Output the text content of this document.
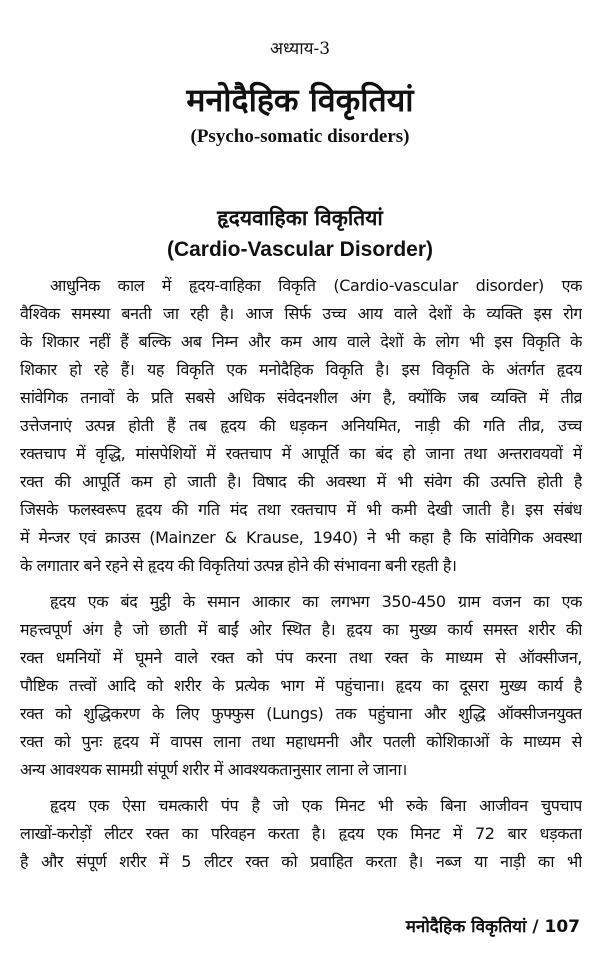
अध्याय-3
मनोदैहिक विकृतियां
(Psycho-somatic disorders)
हृदयवाहिका विकृतियां
(Cardio-Vascular Disorder)
आधुनिक काल में हृदय-वाहिका विकृति (Cardio-vascular disorder) एक
वैश्विक समस्या बनती जा रही है। आज सिर्फ उच्च आय वाले देशों के व्यक्ति इस रोग
के शिकार नहीं हैं बल्कि अब निम्न और कम आय वाले देशों के लोग भी इस विकृति के
शिकार हो रहे हैं। यह विकृति एक मनोदैहिक विकृति है। इस विकृति के अंतर्गत हृदय
सांवेगिक तनावों के प्रति सबसे अधिक संवेदनशील अंग है, क्योंकि जब व्यक्ति में तीव्र
उत्तेजनाएं उत्पन्न होती हैं तब हृदय की धड़कन अनियमित, नाड़ी की गति तीव्र, उच्च
रक्तचाप में वृद्धि, मांसपेशियों में रक्तचाप में आपूर्ति का बंद हो जाना तथा अन्तरावयवों में
रक्त की आपूर्ति कम हो जाती है। विषाद की अवस्था में भी संवेग की उत्पत्ति होती है
जिसके फलस्वरूप हृदय की गति मंद तथा रक्तचाप में भी कमी देखी जाती है। इस संबंध
में मेन्जर एवं क्राउस (Mainzer & Krause, 1940) ने भी कहा है कि सांवेगिक अवस्था
के लगातार बने रहने से हृदय की विकृतियां उत्पन्न होने की संभावना बनी रहती है।
हृदय एक बंद मुट्ठी के समान आकार का लगभग 350-450 ग्राम वजन का एक
महत्त्वपूर्ण अंग है जो छाती में बाईं ओर स्थित है। हृदय का मुख्य कार्य समस्त शरीर की
रक्त धमनियों में घूमने वाले रक्त को पंप करना तथा रक्त के माध्यम से ऑक्सीजन,
पौष्टिक तत्त्वों आदि को शरीर के प्रत्येक भाग में पहुंचाना। हृदय का दूसरा मुख्य कार्य है
रक्त को शुद्धिकरण के लिए फुफ्फुस (Lungs) तक पहुंचाना और शुद्धि ऑक्सीजनयुक्त
रक्त को पुनः हृदय में वापस लाना तथा महाधमनी और पतली कोशिकाओं के माध्यम से
अन्य आवश्यक सामग्री संपूर्ण शरीर में आवश्यकतानुसार लाना ले जाना।
हृदय एक ऐसा चमत्कारी पंप है जो एक मिनट भी रुके बिना आजीवन चुपचाप
लाखों-करोड़ों लीटर रक्त का परिवहन करता है। हृदय एक मिनट में 72 बार धड़कता
है और संपूर्ण शरीर में 5 लीटर रक्त को प्रवाहित करता है। नब्ज या नाड़ी का भी
मनोदैहिक विकृतियां / 107
